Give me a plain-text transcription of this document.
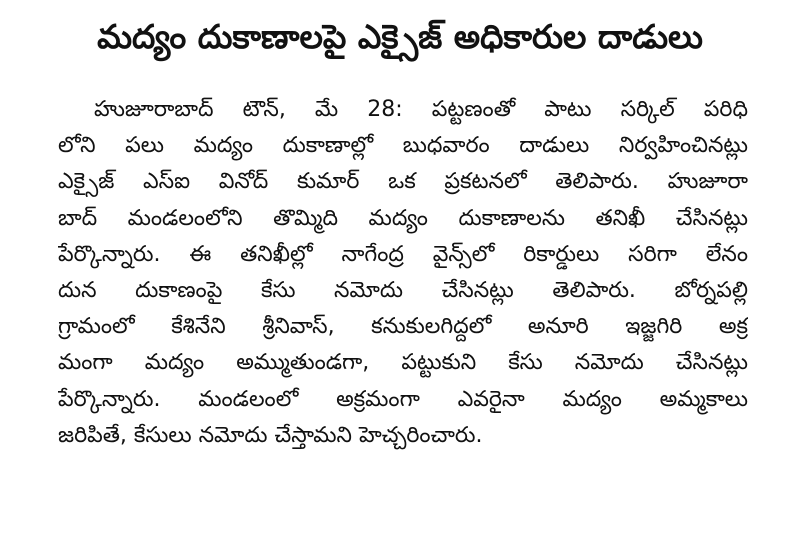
మద్యం దుకాణాలపై ఎక్సైజ్ అధికారుల దాడులు
హుజూరాబాద్ టౌన్, మే 28: పట్టణంతో పాటు సర్కిల్ పరిధి
లోని పలు మద్యం దుకాణాల్లో బుధవారం దాడులు నిర్వహించినట్లు
ఎక్సైజ్ ఎస్ఐ వినోద్ కుమార్ ఒక ప్రకటనలో తెలిపారు. హుజూరా
బాద్ మండలంలోని తొమ్మిది మద్యం దుకాణాలను తనిఖీ చేసినట్లు
పేర్కొన్నారు. ఈ తనిఖీల్లో నాగేంద్ర వైన్స్‌లో రికార్డులు సరిగా లేనం
దున దుకాణంపై కేసు నమోదు చేసినట్లు తెలిపారు. బోర్నపల్లి
గ్రామంలో కేశినేని శ్రీనివాస్, కనుకులగిద్దలో అనూరి ఇజ్జగిరి అక్ర
మంగా మద్యం అమ్ముతుండగా, పట్టుకుని కేసు నమోదు చేసినట్లు
పేర్కొన్నారు. మండలంలో అక్రమంగా ఎవరైనా మద్యం అమ్మకాలు
జరిపితే, కేసులు నమోదు చేస్తామని హెచ్చరించారు.
